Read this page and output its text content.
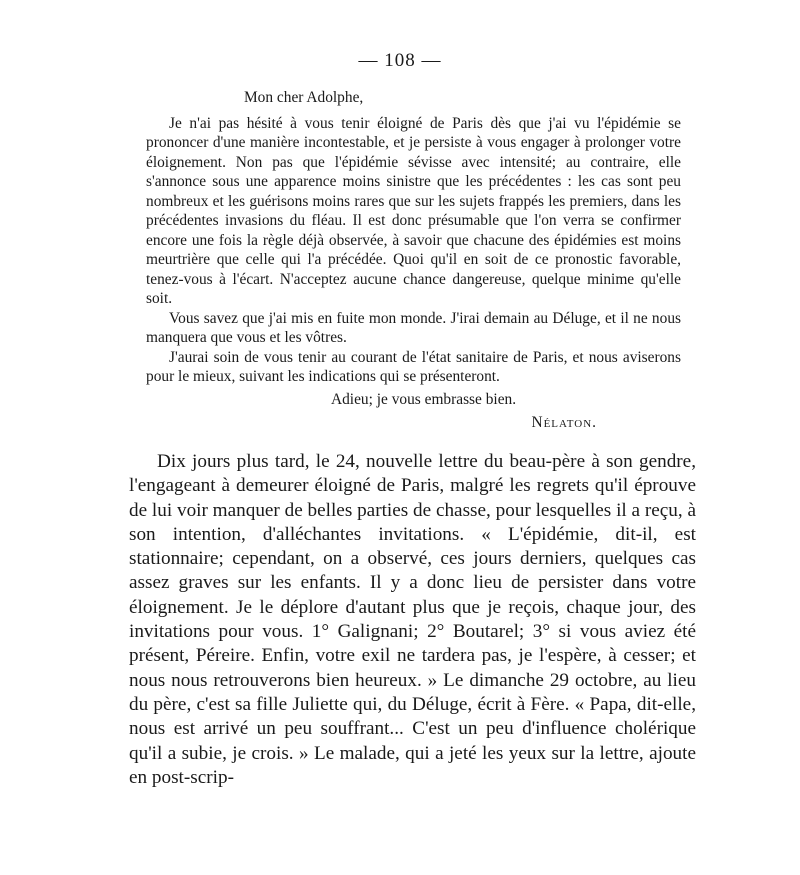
— 108 —

Mon cher Adolphe,

Je n'ai pas hésité à vous tenir éloigné de Paris dès que j'ai vu l'épidémie se prononcer d'une manière incontestable, et je persiste à vous engager à prolonger votre éloignement. Non pas que l'épidémie sévisse avec intensité; au contraire, elle s'annonce sous une apparence moins sinistre que les précédentes : les cas sont peu nombreux et les guérisons moins rares que sur les sujets frappés les premiers, dans les précédentes invasions du fléau. Il est donc présumable que l'on verra se confirmer encore une fois la règle déjà observée, à savoir que chacune des épidémies est moins meurtrière que celle qui l'a précédée. Quoi qu'il en soit de ce pronostic favorable, tenez-vous à l'écart. N'acceptez aucune chance dangereuse, quelque minime qu'elle soit.

Vous savez que j'ai mis en fuite mon monde. J'irai demain au Déluge, et il ne nous manquera que vous et les vôtres.

J'aurai soin de vous tenir au courant de l'état sanitaire de Paris, et nous aviserons pour le mieux, suivant les indications qui se présenteront.

Adieu; je vous embrasse bien.

Nélaton.

Dix jours plus tard, le 24, nouvelle lettre du beau-père à son gendre, l'engageant à demeurer éloigné de Paris, malgré les regrets qu'il éprouve de lui voir manquer de belles parties de chasse, pour lesquelles il a reçu, à son intention, d'alléchantes invitations. « L'épidémie, dit-il, est stationnaire; cependant, on a observé, ces jours derniers, quelques cas assez graves sur les enfants. Il y a donc lieu de persister dans votre éloignement. Je le déplore d'autant plus que je reçois, chaque jour, des invitations pour vous. 1° Galignani; 2° Boutarel; 3° si vous aviez été présent, Péreire. Enfin, votre exil ne tardera pas, je l'espère, à cesser; et nous nous retrouverons bien heureux. » Le dimanche 29 octobre, au lieu du père, c'est sa fille Juliette qui, du Déluge, écrit à Fère. « Papa, dit-elle, nous est arrivé un peu souffrant... C'est un peu d'influence cholérique qu'il a subie, je crois. » Le malade, qui a jeté les yeux sur la lettre, ajoute en post-scrip-
